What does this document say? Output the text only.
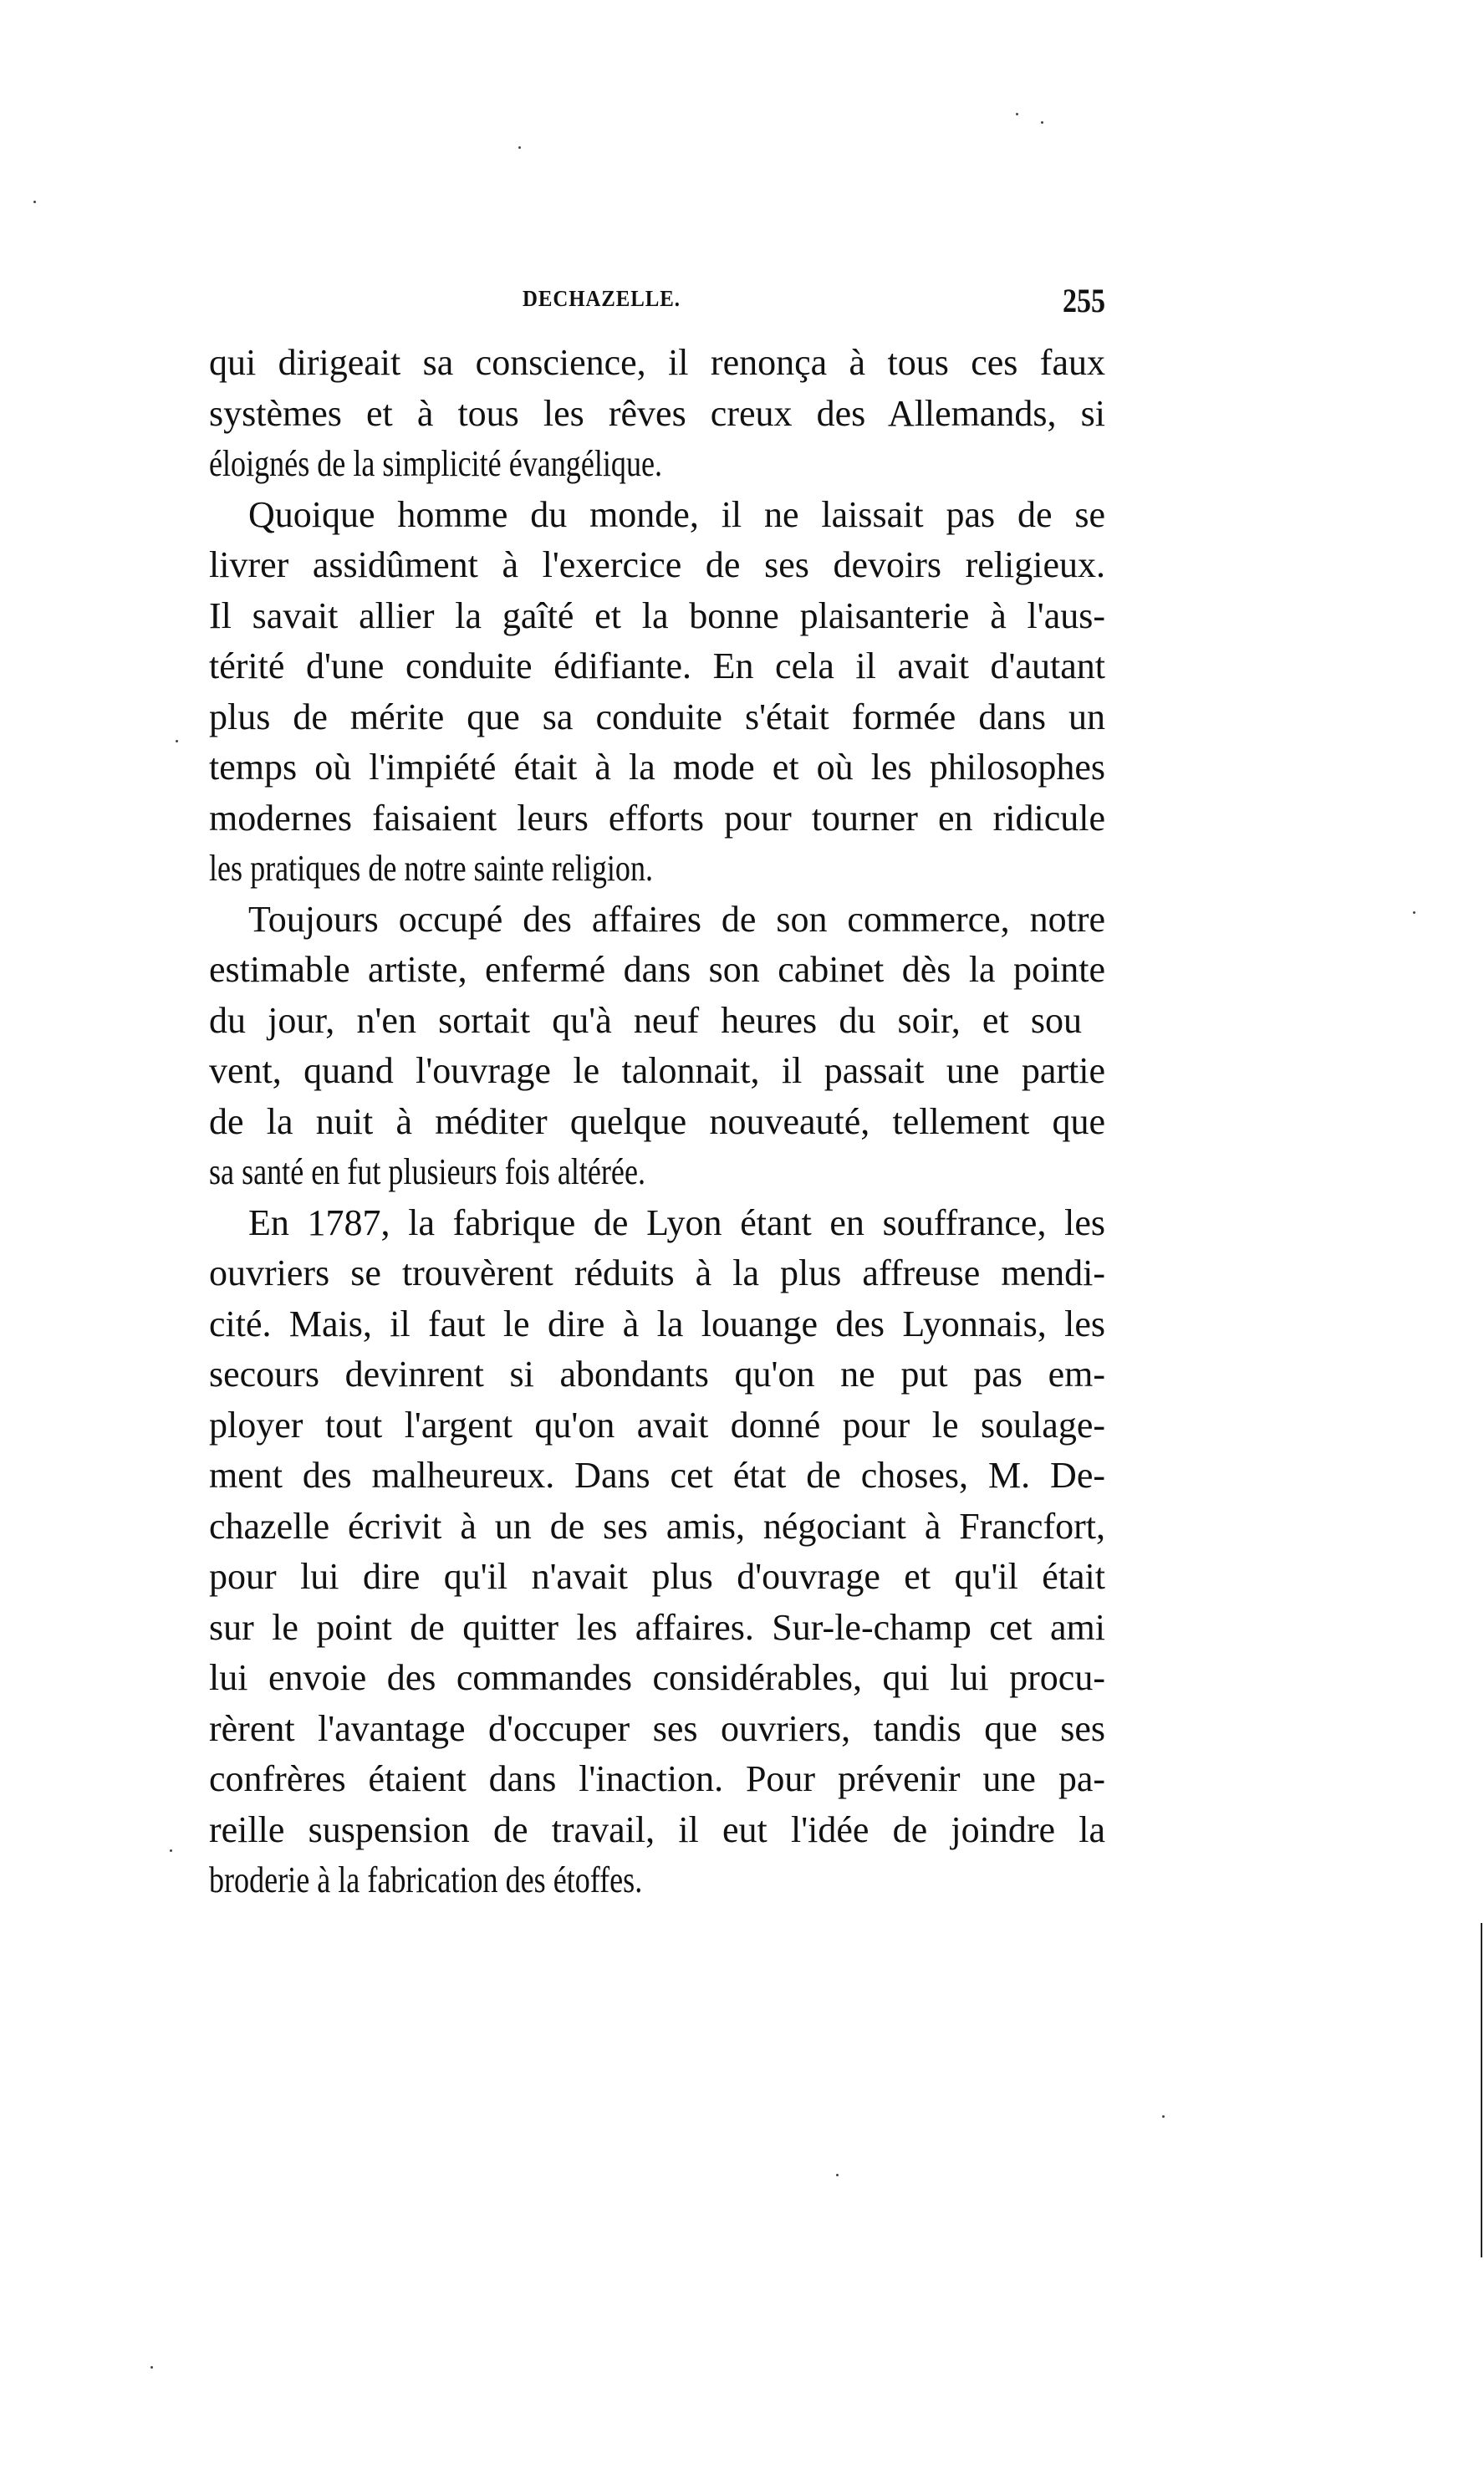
DECHAZELLE.	255
qui dirigeait sa conscience, il renonça à tous ces faux
systèmes et à tous les rêves creux des Allemands, si
éloignés de la simplicité évangélique.
Quoique homme du monde, il ne laissait pas de se
livrer assidûment à l'exercice de ses devoirs religieux.
Il savait allier la gaîté et la bonne plaisanterie à l'aus-
térité d'une conduite édifiante. En cela il avait d'autant
plus de mérite que sa conduite s'était formée dans un
temps où l'impiété était à la mode et où les philosophes
modernes faisaient leurs efforts pour tourner en ridicule
les pratiques de notre sainte religion.
Toujours occupé des affaires de son commerce, notre
estimable artiste, enfermé dans son cabinet dès la pointe
du jour, n'en sortait qu'à neuf heures du soir, et sou
vent, quand l'ouvrage le talonnait, il passait une partie
de la nuit à méditer quelque nouveauté, tellement que
sa santé en fut plusieurs fois altérée.
En 1787, la fabrique de Lyon étant en souffrance, les
ouvriers se trouvèrent réduits à la plus affreuse mendi-
cité. Mais, il faut le dire à la louange des Lyonnais, les
secours devinrent si abondants qu'on ne put pas em-
ployer tout l'argent qu'on avait donné pour le soulage-
ment des malheureux. Dans cet état de choses, M. De-
chazelle écrivit à un de ses amis, négociant à Francfort,
pour lui dire qu'il n'avait plus d'ouvrage et qu'il était
sur le point de quitter les affaires. Sur-le-champ cet ami
lui envoie des commandes considérables, qui lui procu-
rèrent l'avantage d'occuper ses ouvriers, tandis que ses
confrères étaient dans l'inaction. Pour prévenir une pa-
reille suspension de travail, il eut l'idée de joindre la
broderie à la fabrication des étoffes.
